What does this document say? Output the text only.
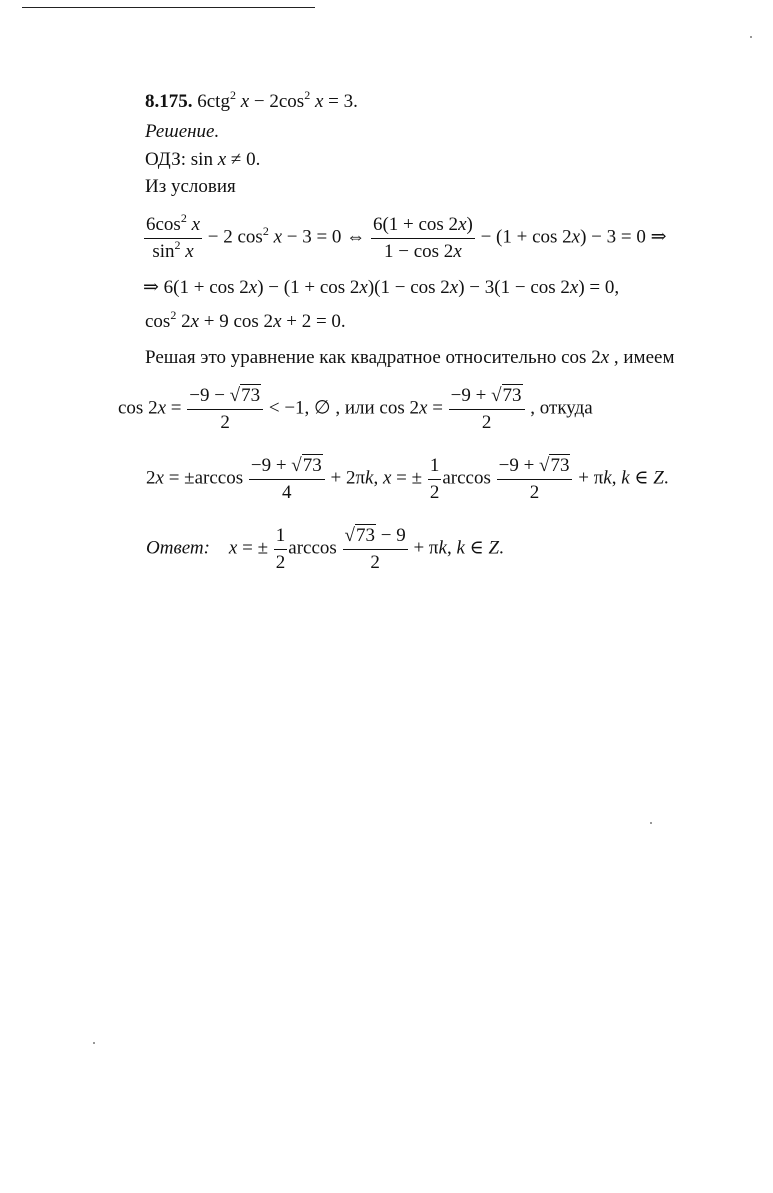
8.175. 6ctg$^2$ $x - 2\cos^2$ x = 3.
Решение.
ОДЗ: sin x ≠ 0.
Из условия
$\frac{6\cos^2 x}{\sin^2 x} - 2$ $\cos^2 x - 3 = 0$ ⇔ $\frac{6(1 + \cos 2x)}{1 - \cos 2x} - (1 + \cos 2x) - 3 = 0$ ⇒
⇒ 6(1 + cos 2x) − (1 + cos 2x)(1 − cos 2x) − 3(1 − cos 2x) = 0,
$\cos^2 2x + 9$ cos 2x + 2 = 0.
Решая это уравнение как квадратное относительно cos 2x , имеем
$\cos 2x = \frac{-9 - √73}{2} < -1$, ∅ , или $\cos 2x = \frac{-9 + √73}{2}$ , откуда
$2x = \pm\arccos \frac{-9 + √73}{4} + 2\pi k$, x = ± $\frac{1}{2}$ $\arccos \frac{-9 + √73}{2} + \pi k$, k ∈ Z.
Ответ: x = ± $\frac{1}{2}$ $\arccos \frac{√73 - 9}{2} + \pi k$, k ∈ Z.
